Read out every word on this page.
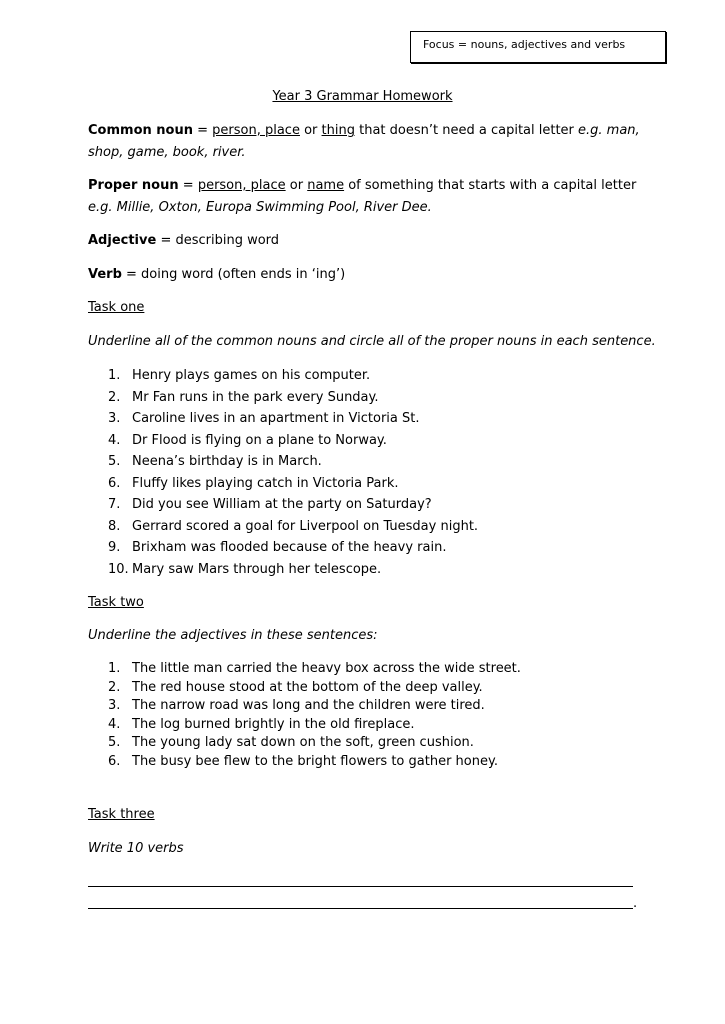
Focus = nouns, adjectives and verbs
Year 3 Grammar Homework

Common noun = person, place or thing that doesn’t need a capital letter e.g. man, shop, game, book, river.

Proper noun = person, place or name of something that starts with a capital letter e.g. Millie, Oxton, Europa Swimming Pool, River Dee.

Adjective = describing word

Verb = doing word (often ends in ‘ing’)

Task one
Underline all of the common nouns and circle all of the proper nouns in each sentence.
1. Henry plays games on his computer.
2. Mr Fan runs in the park every Sunday.
3. Caroline lives in an apartment in Victoria St.
4. Dr Flood is flying on a plane to Norway.
5. Neena’s birthday is in March.
6. Fluffy likes playing catch in Victoria Park.
7. Did you see William at the party on Saturday?
8. Gerrard scored a goal for Liverpool on Tuesday night.
9. Brixham was flooded because of the heavy rain.
10. Mary saw Mars through her telescope.
Task two
Underline the adjectives in these sentences:
1. The little man carried the heavy box across the wide street.
2. The red house stood at the bottom of the deep valley.
3. The narrow road was long and the children were tired.
4. The log burned brightly in the old fireplace.
5. The young lady sat down on the soft, green cushion.
6. The busy bee flew to the bright flowers to gather honey.
Task three
Write 10 verbs
.
